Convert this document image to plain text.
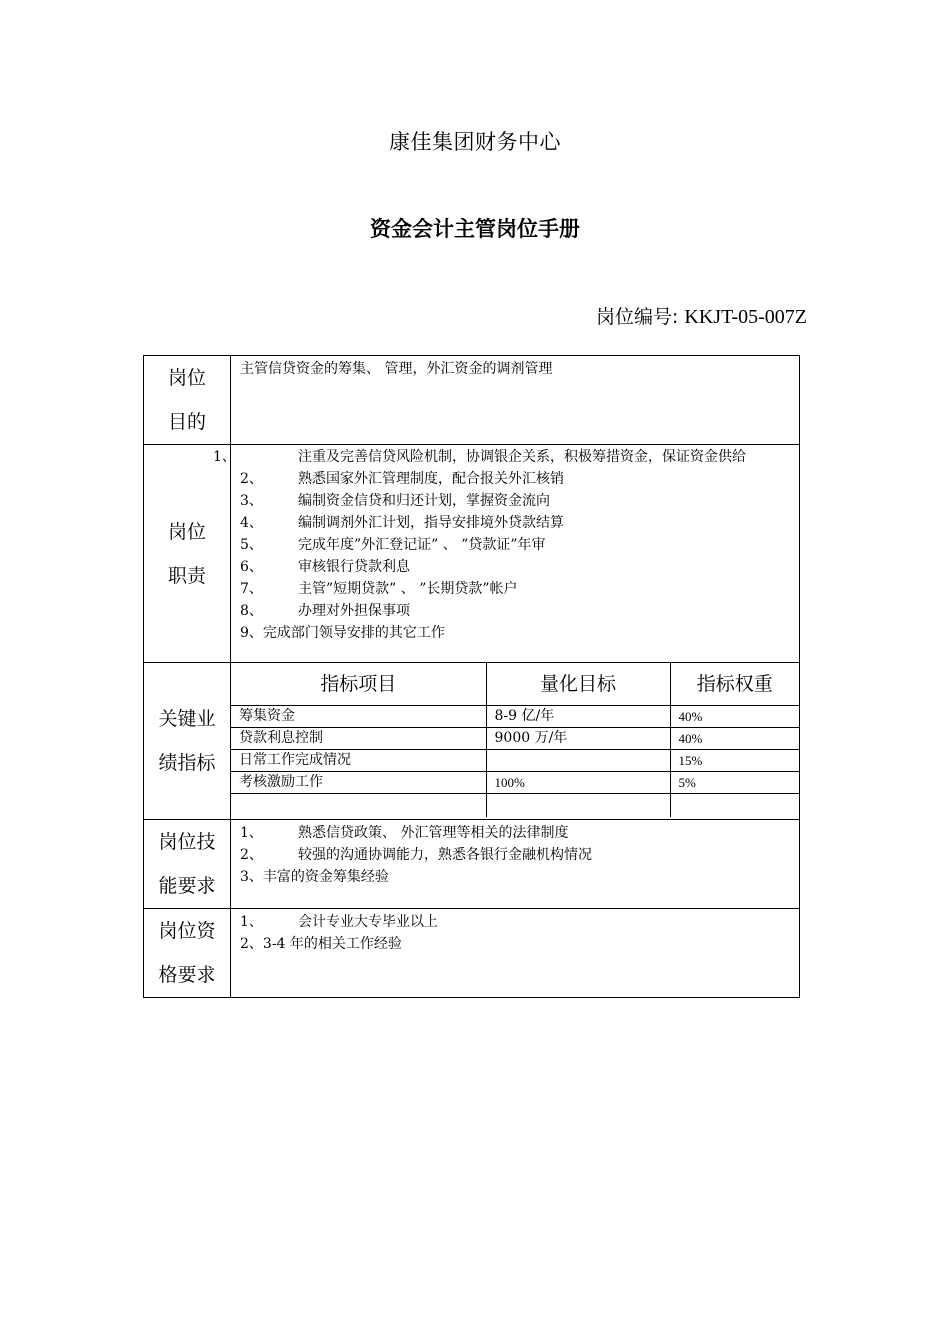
康佳集团财务中心
资金会计主管岗位手册
岗位编号: KKJT-05-007Z
岗位
目的

主管信贷资金的筹集、 管理，外汇资金的调剂管理

岗位
职责

1、	注重及完善信贷风险机制，协调银企关系，积极筹措资金，保证资金供给
2、	熟悉国家外汇管理制度，配合报关外汇核销
3、	编制资金信贷和归还计划，掌握资金流向
4、	编制调剂外汇计划，指导安排境外贷款结算
5、	完成年度”外汇登记证” 、 ”贷款证”年审
6、	审核银行贷款利息
7、	主管”短期贷款” 、 ”长期贷款”帐户
8、	办理对外担保事项
9、完成部门领导安排的其它工作

关键业
绩指标

指标项目	量化目标	指标权重
筹集资金	8-9 亿/年	40%
贷款利息控制	9000 万/年	40%
日常工作完成情况		15%
考核激励工作	100%	5%

岗位技
能要求

1、	熟悉信贷政策、 外汇管理等相关的法律制度
2、	较强的沟通协调能力，熟悉各银行金融机构情况
3、丰富的资金筹集经验

岗位资
格要求

1、	会计专业大专毕业以上
2、3-4 年的相关工作经验
